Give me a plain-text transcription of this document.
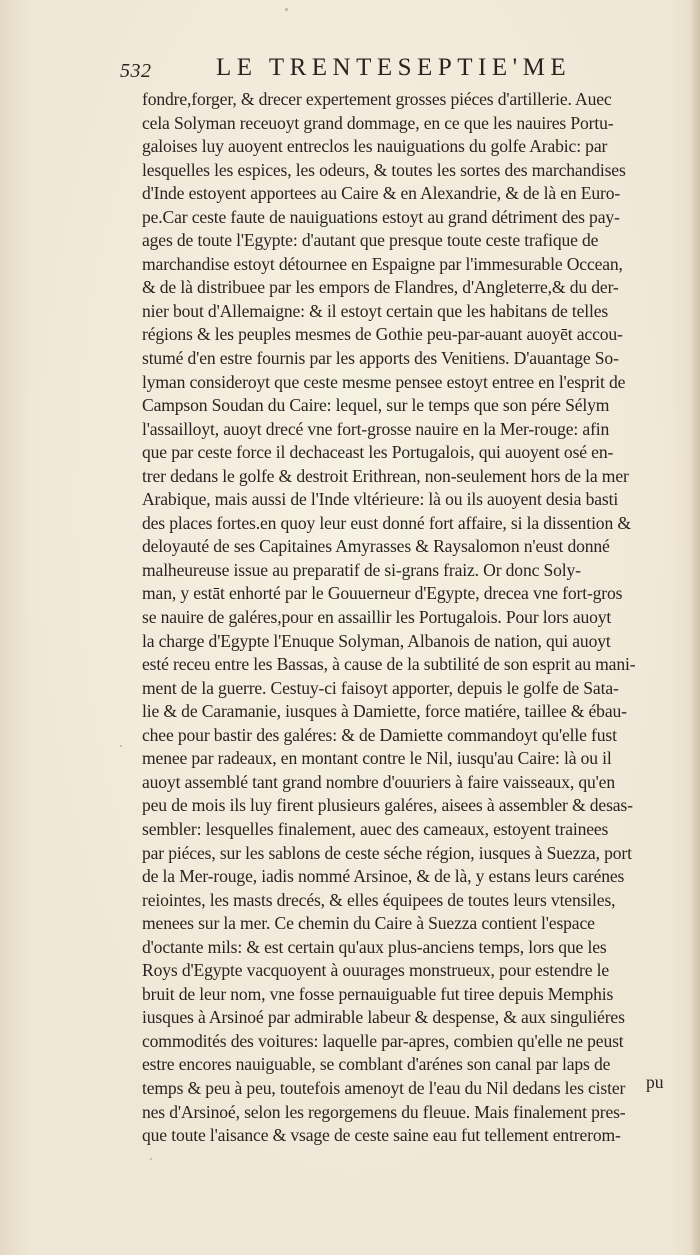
532	LE TRENTESEPTIE'ME
fondre,forger, & drecer expertement grosses piéces d'artillerie. Auec
cela Solyman receuoyt grand dommage, en ce que les nauires Portu-
galoises luy auoyent entreclos les nauiguations du golfe Arabic: par
lesquelles les espices, les odeurs, & toutes les sortes des marchandises
d'Inde estoyent apportees au Caire & en Alexandrie, & de là en Euro-
pe.Car ceste faute de nauiguations estoyt au grand détriment des pay-
ages de toute l'Egypte: d'autant que presque toute ceste trafique de
marchandise estoyt détournee en Espaigne par l'immesurable Occean,
& de là distribuee par les empors de Flandres, d'Angleterre,& du der-
nier bout d'Allemaigne: & il estoyt certain que les habitans de telles
régions & les peuples mesmes de Gothie peu-par-auant auoyēt accou-
stumé d'en estre fournis par les apports des Venitiens. D'auantage So-
lyman consideroyt que ceste mesme pensee estoyt entree en l'esprit de
Campson Soudan du Caire: lequel, sur le temps que son pére Sélym
l'assailloyt, auoyt drecé vne fort-grosse nauire en la Mer-rouge: afin
que par ceste force il dechaceast les Portugalois, qui auoyent osé en-
trer dedans le golfe & destroit Erithrean, non-seulement hors de la mer
Arabique, mais aussi de l'Inde vltérieure: là ou ils auoyent desia basti
des places fortes.en quoy leur eust donné fort affaire, si la dissention &
deloyauté de ses Capitaines Amyrasses & Raysalomon n'eust donné
malheureuse issue au preparatif de si-grans fraiz. Or donc Soly-
man, y estāt enhorté par le Gouuerneur d'Egypte, drecea vne fort-gros
se nauire de galéres,pour en assaillir les Portugalois. Pour lors auoyt
la charge d'Egypte l'Enuque Solyman, Albanois de nation, qui auoyt
esté receu entre les Bassas, à cause de la subtilité de son esprit au mani-
ment de la guerre. Cestuy-ci faisoyt apporter, depuis le golfe de Sata-
lie & de Caramanie, iusques à Damiette, force matiére, taillee & ébau-
chee pour bastir des galéres: & de Damiette commandoyt qu'elle fust
menee par radeaux, en montant contre le Nil, iusqu'au Caire: là ou il
auoyt assemblé tant grand nombre d'ouuriers à faire vaisseaux, qu'en
peu de mois ils luy firent plusieurs galéres, aisees à assembler & desas-
sembler: lesquelles finalement, auec des cameaux, estoyent trainees
par piéces, sur les sablons de ceste séche région, iusques à Suezza, port
de la Mer-rouge, iadis nommé Arsinoe, & de là, y estans leurs carénes
reiointes, les masts drecés, & elles équipees de toutes leurs vtensiles,
menees sur la mer. Ce chemin du Caire à Suezza contient l'espace
d'octante mils: & est certain qu'aux plus-anciens temps, lors que les
Roys d'Egypte vacquoyent à ouurages monstrueux, pour estendre le
bruit de leur nom, vne fosse pernauiguable fut tiree depuis Memphis
iusques à Arsinoé par admirable labeur & despense, & aux singuliéres
commodités des voitures: laquelle par-apres, combien qu'elle ne peust
estre encores nauiguable, se comblant d'arénes son canal par laps de
temps & peu à peu, toutefois amenoyt de l'eau du Nil dedans les cister
nes d'Arsinoé, selon les regorgemens du fleuue. Mais finalement pres-
que toute l'aisance & vsage de ceste saine eau fut tellement entrerom-
pu
